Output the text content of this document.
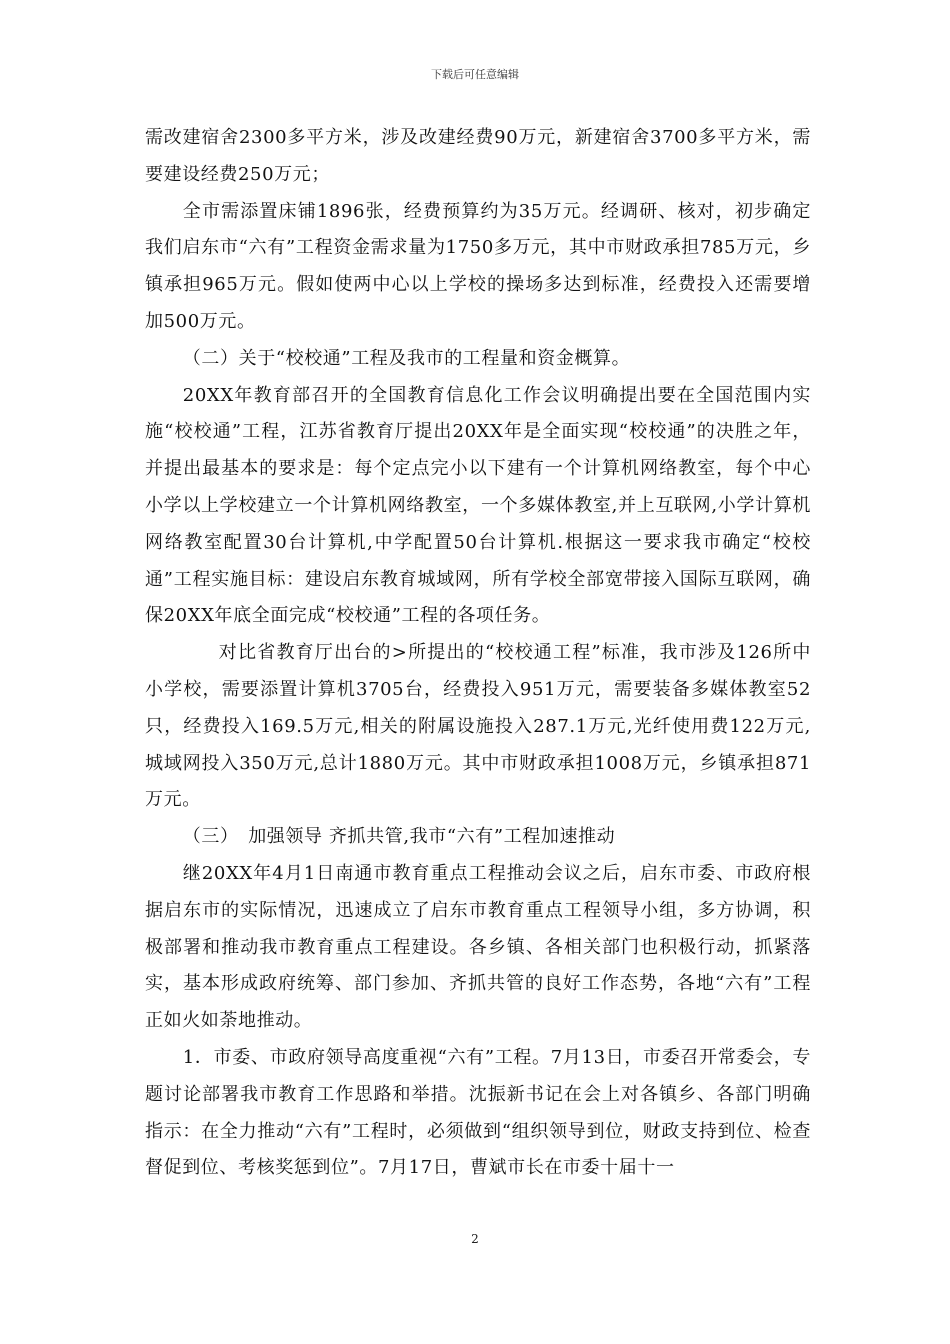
下载后可任意编辑

需改建宿舍2300多平方米，涉及改建经费90万元，新建宿舍3700多平方米，需要建设经费250万元；

全市需添置床铺1896张，经费预算约为35万元。经调研、核对，初步确定我们启东市“六有”工程资金需求量为1750多万元，其中市财政承担785万元，乡镇承担965万元。假如使两中心以上学校的操场多达到标准，经费投入还需要增加500万元。

（二）关于“校校通”工程及我市的工程量和资金概算。

20XX年教育部召开的全国教育信息化工作会议明确提出要在全国范围内实施“校校通”工程，江苏省教育厅提出20XX年是全面实现“校校通”的决胜之年，并提出最基本的要求是：每个定点完小以下建有一个计算机网络教室，每个中心小学以上学校建立一个计算机网络教室，一个多媒体教室,并上互联网,小学计算机网络教室配置30台计算机,中学配置50台计算机.根据这一要求我市确定“校校通”工程实施目标：建设启东教育城域网，所有学校全部宽带接入国际互联网，确保20XX年底全面完成“校校通”工程的各项任务。

对比省教育厅出台的>所提出的“校校通工程”标准，我市涉及126所中小学校，需要添置计算机3705台，经费投入951万元，需要装备多媒体教室52只，经费投入169.5万元,相关的附属设施投入287.1万元,光纤使用费122万元,城域网投入350万元,总计1880万元。其中市财政承担1008万元，乡镇承担871万元。

（三）　加强领导 齐抓共管,我市“六有”工程加速推动

继20XX年4月1日南通市教育重点工程推动会议之后，启东市委、市政府根据启东市的实际情况，迅速成立了启东市教育重点工程领导小组，多方协调，积极部署和推动我市教育重点工程建设。各乡镇、各相关部门也积极行动，抓紧落实，基本形成政府统筹、部门参加、齐抓共管的良好工作态势，各地“六有”工程正如火如荼地推动。

1．市委、市政府领导高度重视“六有”工程。7月13日，市委召开常委会，专题讨论部署我市教育工作思路和举措。沈振新书记在会上对各镇乡、各部门明确指示：在全力推动“六有”工程时，必须做到“组织领导到位，财政支持到位、检查督促到位、考核奖惩到位”。7月17日，曹斌市长在市委十届十一

2
